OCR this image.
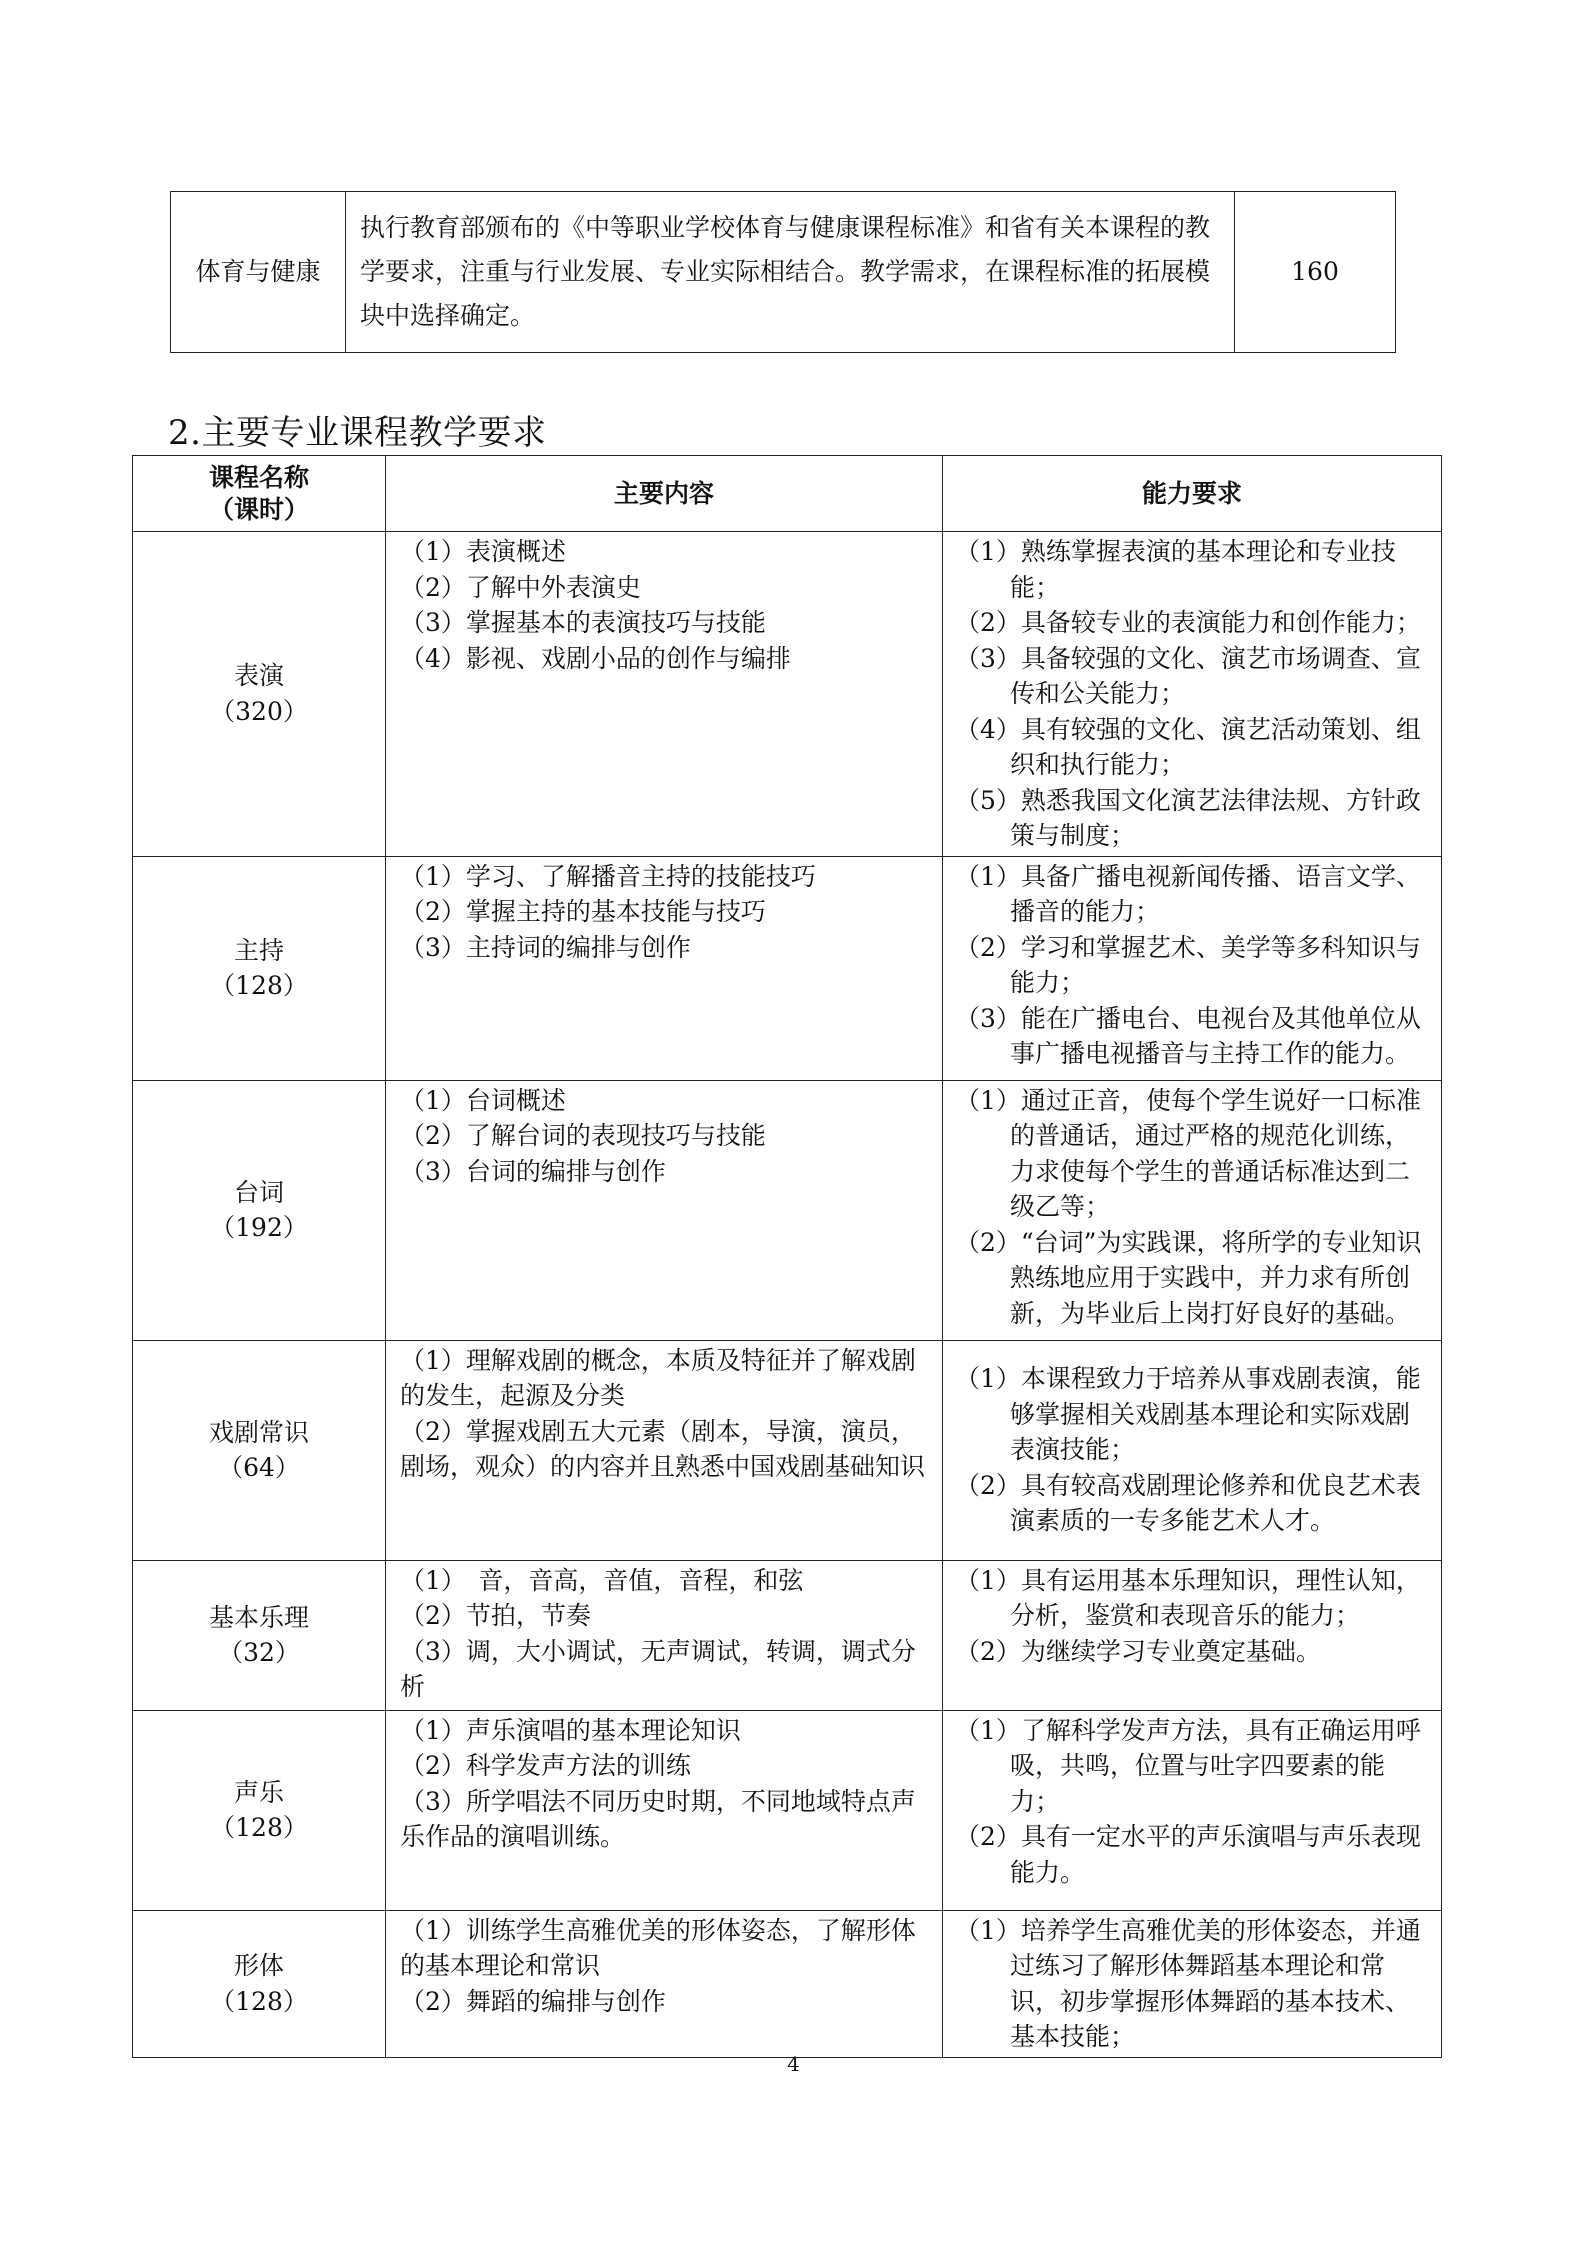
体育与健康	执行教育部颁布的《中等职业学校体育与健康课程标准》和省有关本课程的教学要求，注重与行业发展、专业实际相结合。教学需求，在课程标准的拓展模块中选择确定。	160
2.主要专业课程教学要求
课程名称
（课时）	主要内容	能力要求

表演
（320）	（1）表演概述
（2）了解中外表演史
（3）掌握基本的表演技巧与技能
（4）影视、戏剧小品的创作与编排	（1）熟练掌握表演的基本理论和专业技能；
（2）具备较专业的表演能力和创作能力；
（3）具备较强的文化、演艺市场调查、宣传和公关能力；
（4）具有较强的文化、演艺活动策划、组织和执行能力；
（5）熟悉我国文化演艺法律法规、方针政策与制度；

主持
（128）	（1）学习、了解播音主持的技能技巧
（2）掌握主持的基本技能与技巧
（3）主持词的编排与创作	（1）具备广播电视新闻传播、语言文学、播音的能力；
（2）学习和掌握艺术、美学等多科知识与能力；
（3）能在广播电台、电视台及其他单位从事广播电视播音与主持工作的能力。

台词
（192）	（1）台词概述
（2）了解台词的表现技巧与技能
（3）台词的编排与创作	（1）通过正音，使每个学生说好一口标准的普通话，通过严格的规范化训练，力求使每个学生的普通话标准达到二级乙等；
（2）“台词”为实践课，将所学的专业知识熟练地应用于实践中，并力求有所创新，为毕业后上岗打好良好的基础。

戏剧常识
（64）	（1）理解戏剧的概念，本质及特征并了解戏剧的发生，起源及分类
（2）掌握戏剧五大元素（剧本，导演，演员，剧场，观众）的内容并且熟悉中国戏剧基础知识	（1）本课程致力于培养从事戏剧表演，能够掌握相关戏剧基本理论和实际戏剧表演技能；
（2）具有较高戏剧理论修养和优良艺术表演素质的一专多能艺术人才。

基本乐理
（32）	（1）　音，音高，音值，音程，和弦
（2）节拍，节奏
（3）调，大小调试，无声调试，转调，调式分析	（1）具有运用基本乐理知识，理性认知，分析，鉴赏和表现音乐的能力；
（2）为继续学习专业奠定基础。

声乐
（128）	（1）声乐演唱的基本理论知识
（2）科学发声方法的训练
（3）所学唱法不同历史时期，不同地域特点声乐作品的演唱训练。	（1）了解科学发声方法，具有正确运用呼吸，共鸣，位置与吐字四要素的能力；
（2）具有一定水平的声乐演唱与声乐表现能力。

形体
（128）	（1）训练学生高雅优美的形体姿态，了解形体的基本理论和常识
（2）舞蹈的编排与创作	（1）培养学生高雅优美的形体姿态，并通过练习了解形体舞蹈基本理论和常识，初步掌握形体舞蹈的基本技术、基本技能；
4
